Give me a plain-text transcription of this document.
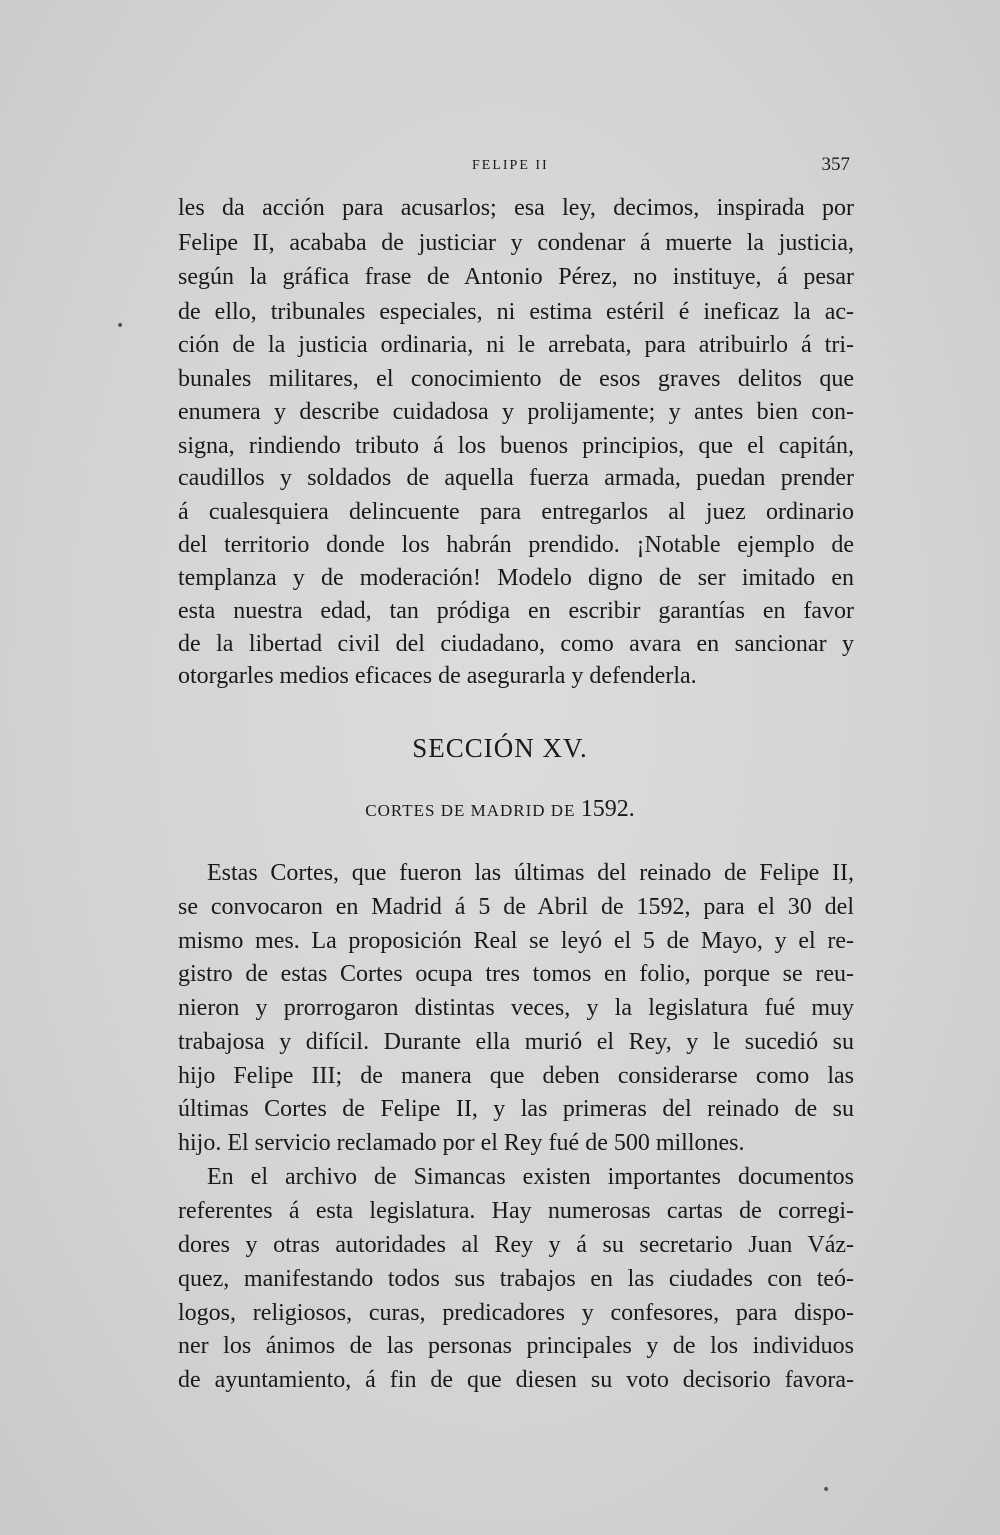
FELIPE II	357
les da acción para acusarlos; esa ley, decimos, inspirada por
Felipe II, acababa de justiciar y condenar á muerte la justicia,
según la gráfica frase de Antonio Pérez, no instituye, á pesar
de ello, tribunales especiales, ni estima estéril é ineficaz la ac-
ción de la justicia ordinaria, ni le arrebata, para atribuirlo á tri-
bunales militares, el conocimiento de esos graves delitos que
enumera y describe cuidadosa y prolijamente; y antes bien con-
signa, rindiendo tributo á los buenos principios, que el capitán,
caudillos y soldados de aquella fuerza armada, puedan prender
á cualesquiera delincuente para entregarlos al juez ordinario
del territorio donde los habrán prendido. ¡Notable ejemplo de
templanza y de moderación! Modelo digno de ser imitado en
esta nuestra edad, tan pródiga en escribir garantías en favor
de la libertad civil del ciudadano, como avara en sancionar y
otorgarles medios eficaces de asegurarla y defenderla.
SECCIÓN XV.
CORTES DE MADRID DE 1592.
Estas Cortes, que fueron las últimas del reinado de Felipe II,
se convocaron en Madrid á 5 de Abril de 1592, para el 30 del
mismo mes. La proposición Real se leyó el 5 de Mayo, y el re-
gistro de estas Cortes ocupa tres tomos en folio, porque se reu-
nieron y prorrogaron distintas veces, y la legislatura fué muy
trabajosa y difícil. Durante ella murió el Rey, y le sucedió su
hijo Felipe III; de manera que deben considerarse como las
últimas Cortes de Felipe II, y las primeras del reinado de su
hijo. El servicio reclamado por el Rey fué de 500 millones.
En el archivo de Simancas existen importantes documentos
referentes á esta legislatura. Hay numerosas cartas de corregi-
dores y otras autoridades al Rey y á su secretario Juan Váz-
quez, manifestando todos sus trabajos en las ciudades con teó-
logos, religiosos, curas, predicadores y confesores, para dispo-
ner los ánimos de las personas principales y de los individuos
de ayuntamiento, á fin de que diesen su voto decisorio favora-
•
•
